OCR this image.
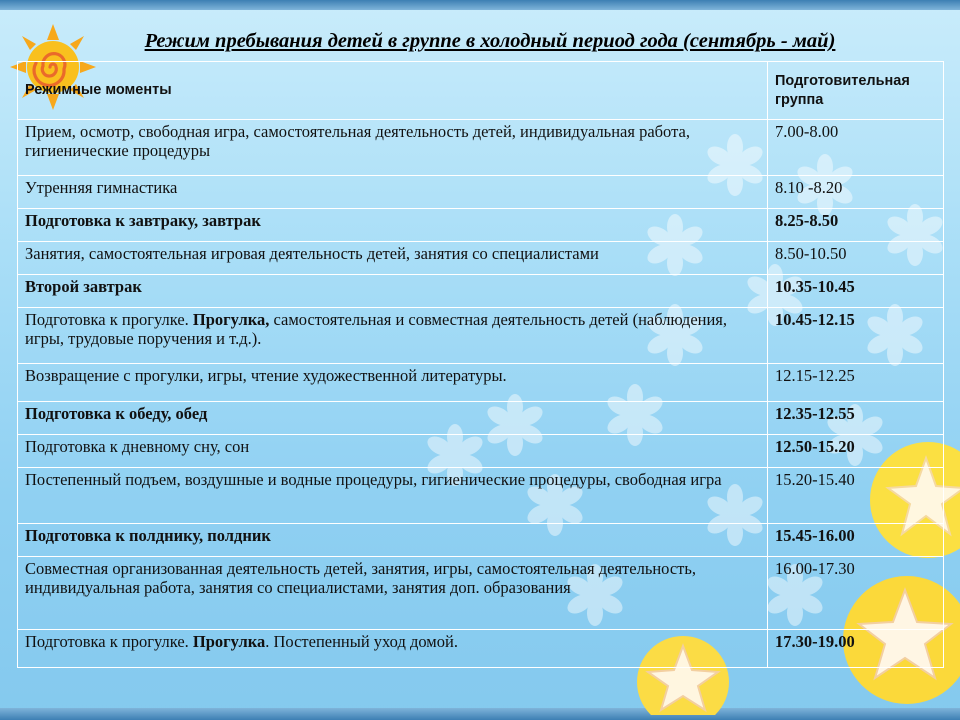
Режим пребывания детей в группе в холодный период года (сентябрь - май)
Режимные моменты	Подготовительная группа
Прием, осмотр, свободная игра, самостоятельная деятельность детей, индивидуальная работа, гигиенические процедуры	7.00-8.00
Утренняя гимнастика	8.10 -8.20
Подготовка к завтраку, завтрак	8.25-8.50
Занятия, самостоятельная игровая деятельность детей, занятия со специалистами	8.50-10.50
Второй завтрак	10.35-10.45
Подготовка к прогулке. Прогулка, самостоятельная и совместная деятельность детей (наблюдения, игры, трудовые поручения и т.д.).	10.45-12.15
Возвращение с прогулки, игры, чтение художественной литературы.	12.15-12.25
Подготовка к обеду, обед	12.35-12.55
Подготовка к дневному сну, сон	12.50-15.20
Постепенный подъем, воздушные и водные процедуры, гигиенические процедуры, свободная игра	15.20-15.40
Подготовка к полднику, полдник	15.45-16.00
Совместная организованная деятельность детей, занятия, игры, самостоятельная деятельность, индивидуальная работа, занятия со специалистами, занятия доп. образования	16.00-17.30
Подготовка к прогулке. Прогулка. Постепенный уход домой.	17.30-19.00
